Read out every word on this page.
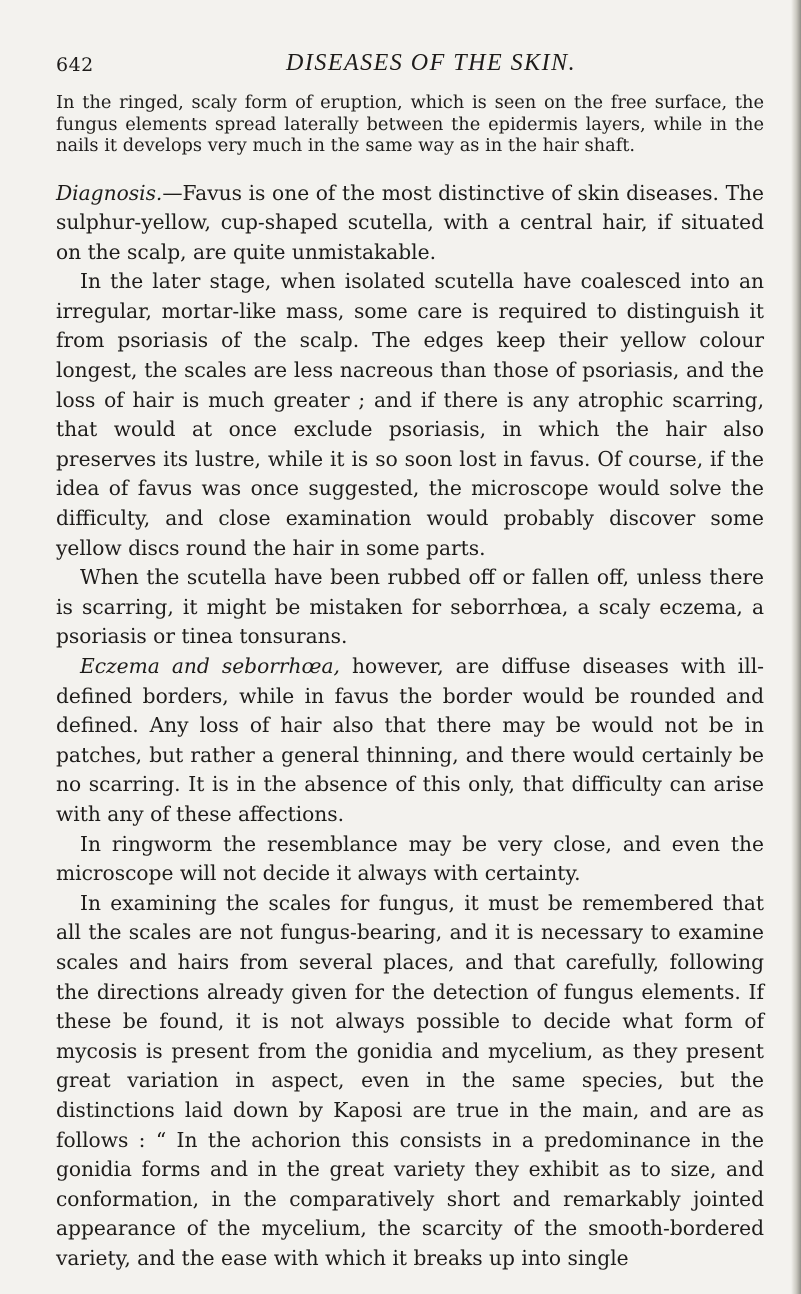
642	DISEASES OF THE SKIN.

In the ringed, scaly form of eruption, which is seen on the free surface, the fungus elements spread laterally between the epidermis layers, while in the nails it develops very much in the same way as in the hair shaft.

Diagnosis.—Favus is one of the most distinctive of skin diseases. The sulphur-yellow, cup-shaped scutella, with a central hair, if situated on the scalp, are quite unmistakable.

In the later stage, when isolated scutella have coalesced into an irregular, mortar-like mass, some care is required to distinguish it from psoriasis of the scalp. The edges keep their yellow colour longest, the scales are less nacreous than those of psoriasis, and the loss of hair is much greater ; and if there is any atrophic scarring, that would at once exclude psoriasis, in which the hair also preserves its lustre, while it is so soon lost in favus. Of course, if the idea of favus was once suggested, the microscope would solve the difficulty, and close examination would probably discover some yellow discs round the hair in some parts.

When the scutella have been rubbed off or fallen off, unless there is scarring, it might be mistaken for seborrhœa, a scaly eczema, a psoriasis or tinea tonsurans.

Eczema and seborrhœa, however, are diffuse diseases with ill-defined borders, while in favus the border would be rounded and defined. Any loss of hair also that there may be would not be in patches, but rather a general thinning, and there would certainly be no scarring. It is in the absence of this only, that difficulty can arise with any of these affections.

In ringworm the resemblance may be very close, and even the microscope will not decide it always with certainty.

In examining the scales for fungus, it must be remembered that all the scales are not fungus-bearing, and it is necessary to examine scales and hairs from several places, and that carefully, following the directions already given for the detection of fungus elements. If these be found, it is not always possible to decide what form of mycosis is present from the gonidia and mycelium, as they present great variation in aspect, even in the same species, but the distinctions laid down by Kaposi are true in the main, and are as follows : “ In the achorion this consists in a predominance in the gonidia forms and in the great variety they exhibit as to size, and conformation, in the comparatively short and remarkably jointed appearance of the mycelium, the scarcity of the smooth-bordered variety, and the ease with which it breaks up into single
